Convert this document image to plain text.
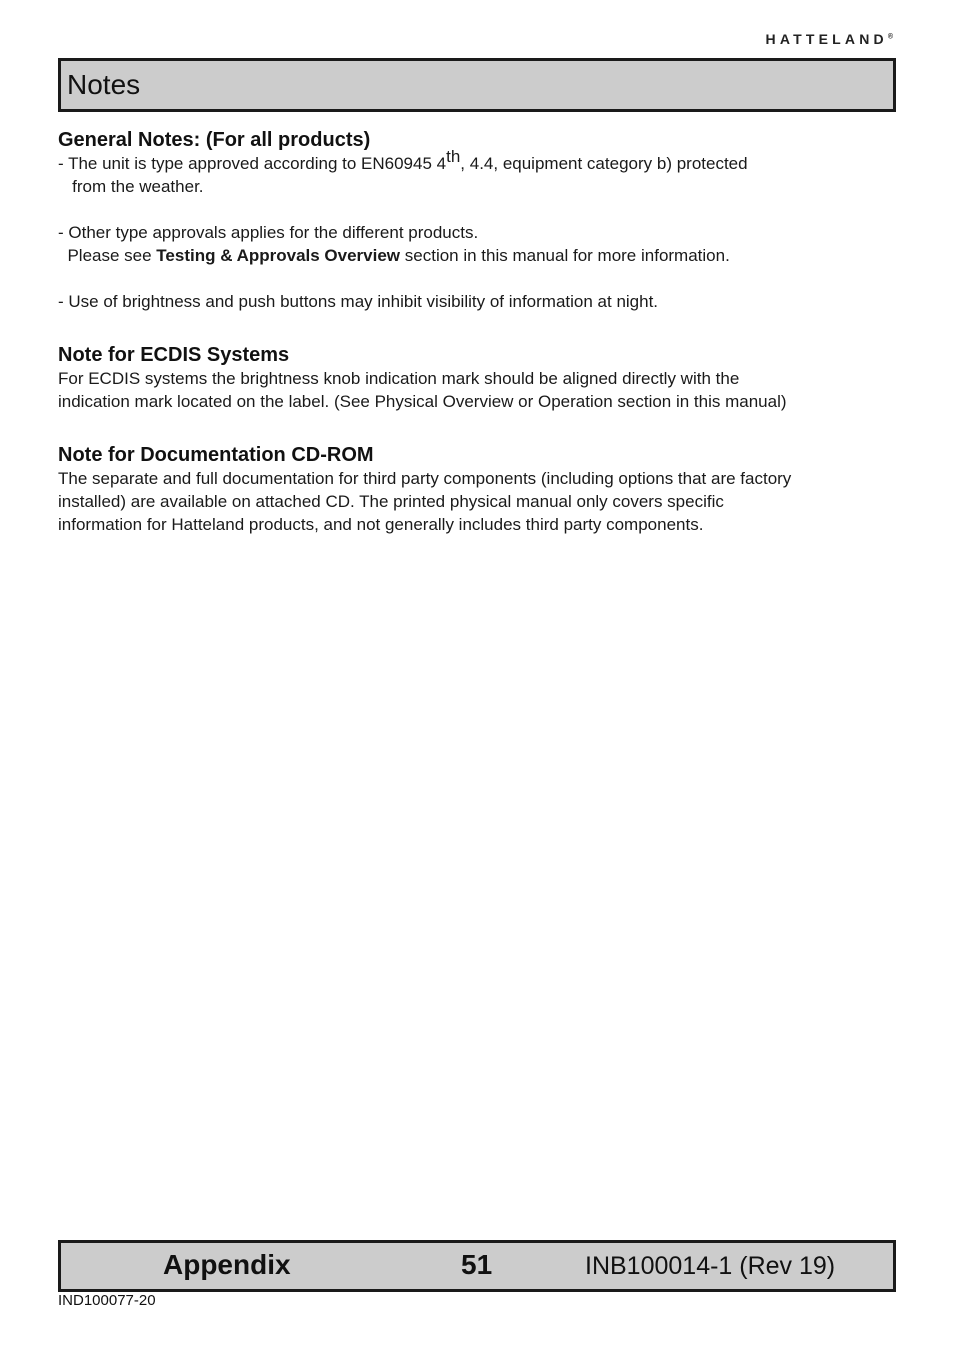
HATTELAND®
Notes
General Notes: (For all products)

- The unit is type approved according to EN60945 4th, 4.4, equipment category b) protected

from the weather.

- Other type approvals applies for the different products.

Please see Testing & Approvals Overview section in this manual for more information.

- Use of brightness and push buttons may inhibit visibility of information at night.

Note for ECDIS Systems

For ECDIS systems the brightness knob indication mark should be aligned directly with the

indication mark located on the label. (See Physical Overview or Operation section in this manual)

Note for Documentation CD-ROM

The separate and full documentation for third party components (including options that are factory

installed) are available on attached CD. The printed physical manual only covers specific

information for Hatteland products, and not generally includes third party components.

Appendix	51	INB100014-1 (Rev 19)
IND100077-20
